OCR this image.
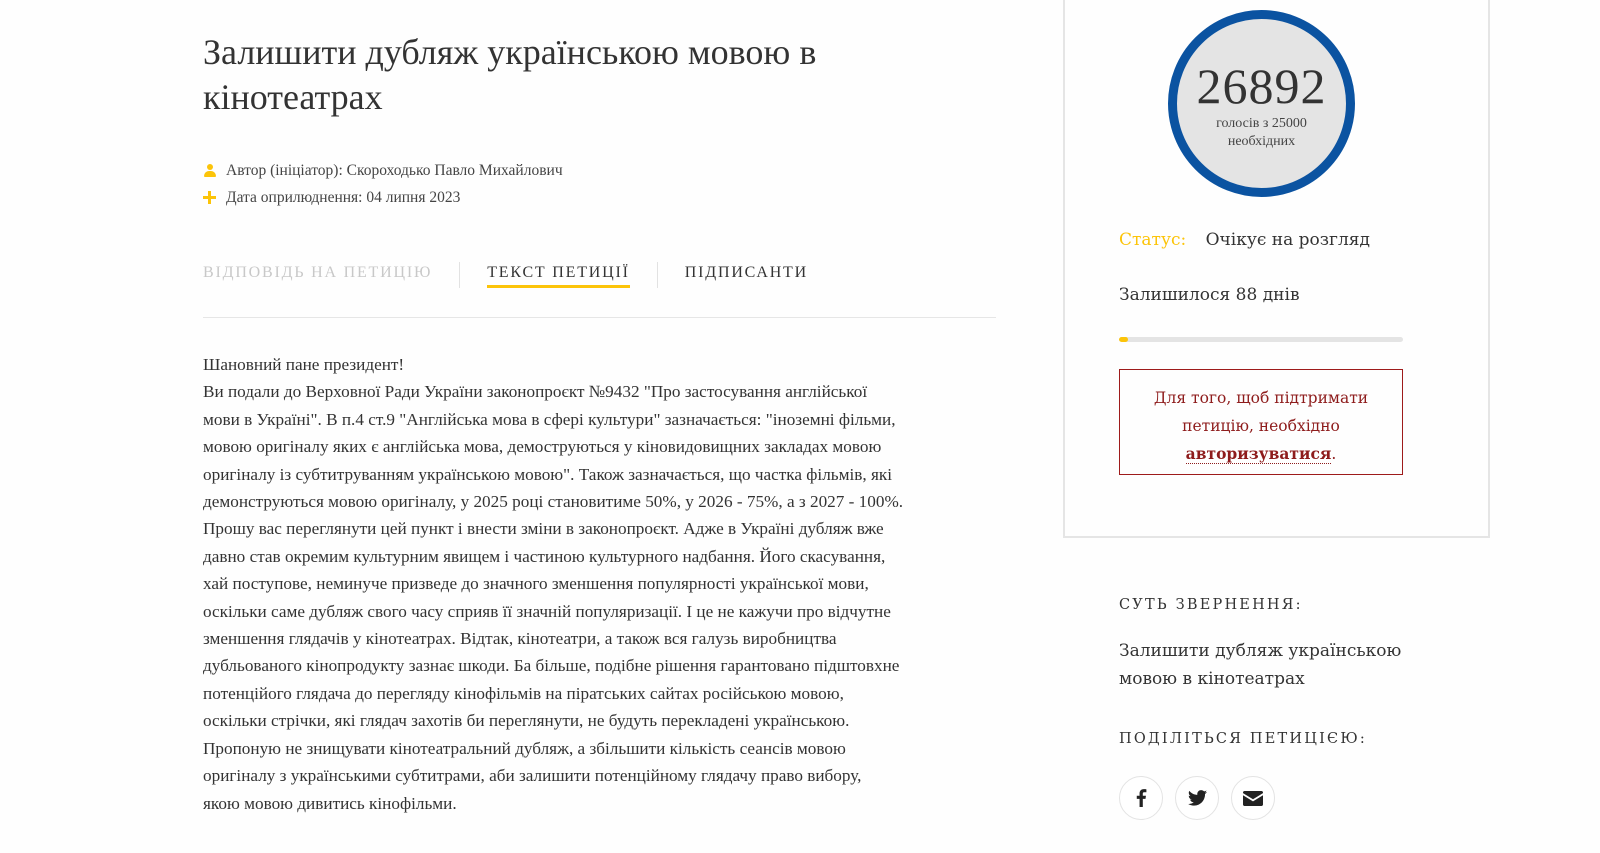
Залишити дубляж українською мовою в кінотеатрах
Автор (ініціатор):
Скороходько Павло Михайлович
Дата оприлюднення:
04 липня 2023
ВІДПОВІДЬ НА ПЕТИЦІЮ	ТЕКСТ ПЕТИЦІЇ	ПІДПИСАНТИ

Шановний пане президент!

Ви подали до Верховної Ради України законопроєкт №9432 "Про застосування англійської

мови в Україні". В п.4 ст.9 "Англійська мова в сфері культури" зазначається: "іноземні фільми,

мовою оригіналу яких є англійська мова, демоструються у кіновидовищних закладах мовою

оригіналу із субтитруванням українською мовою". Також зазначається, що частка фільмів, які

демонструються мовою оригіналу, у 2025 році становитиме 50%, у 2026 - 75%, а з 2027 - 100%.

Прошу вас переглянути цей пункт і внести зміни в законопроєкт. Адже в Україні дубляж вже

давно став окремим культурним явищем і частиною культурного надбання. Його скасування,

хай поступове, неминуче призведе до значного зменшення популярності української мови,

оскільки саме дубляж свого часу сприяв її значній популяризації. І це не кажучи про відчутне

зменшення глядачів у кінотеатрах. Відтак, кінотеатри, а також вся галузь виробництва

дубльованого кінопродукту зазнає шкоди. Ба більше, подібне рішення гарантовано підштовхне

потенційого глядача до перегляду кінофільмів на піратських сайтах російською мовою,

оскільки стрічки, які глядач захотів би переглянути, не будуть перекладені українською.

Пропоную не знищувати кінотеатральний дубляж, а збільшити кількість сеансів мовою

оригіналу з українськими субтитрами, аби залишити потенційному глядачу право вибору,

якою мовою дивитись кінофільми.

26892
голосів з 25000
необхідних
Статус: Очікує на розгляд
Залишилося 88 днів
Для того, щоб підтримати
петицію, необхідно
авторизуватися.
СУТЬ ЗВЕРНЕННЯ:
Залишити дубляж українською мовою в кінотеатрах
ПОДІЛІТЬСЯ ПЕТИЦІЄЮ:
